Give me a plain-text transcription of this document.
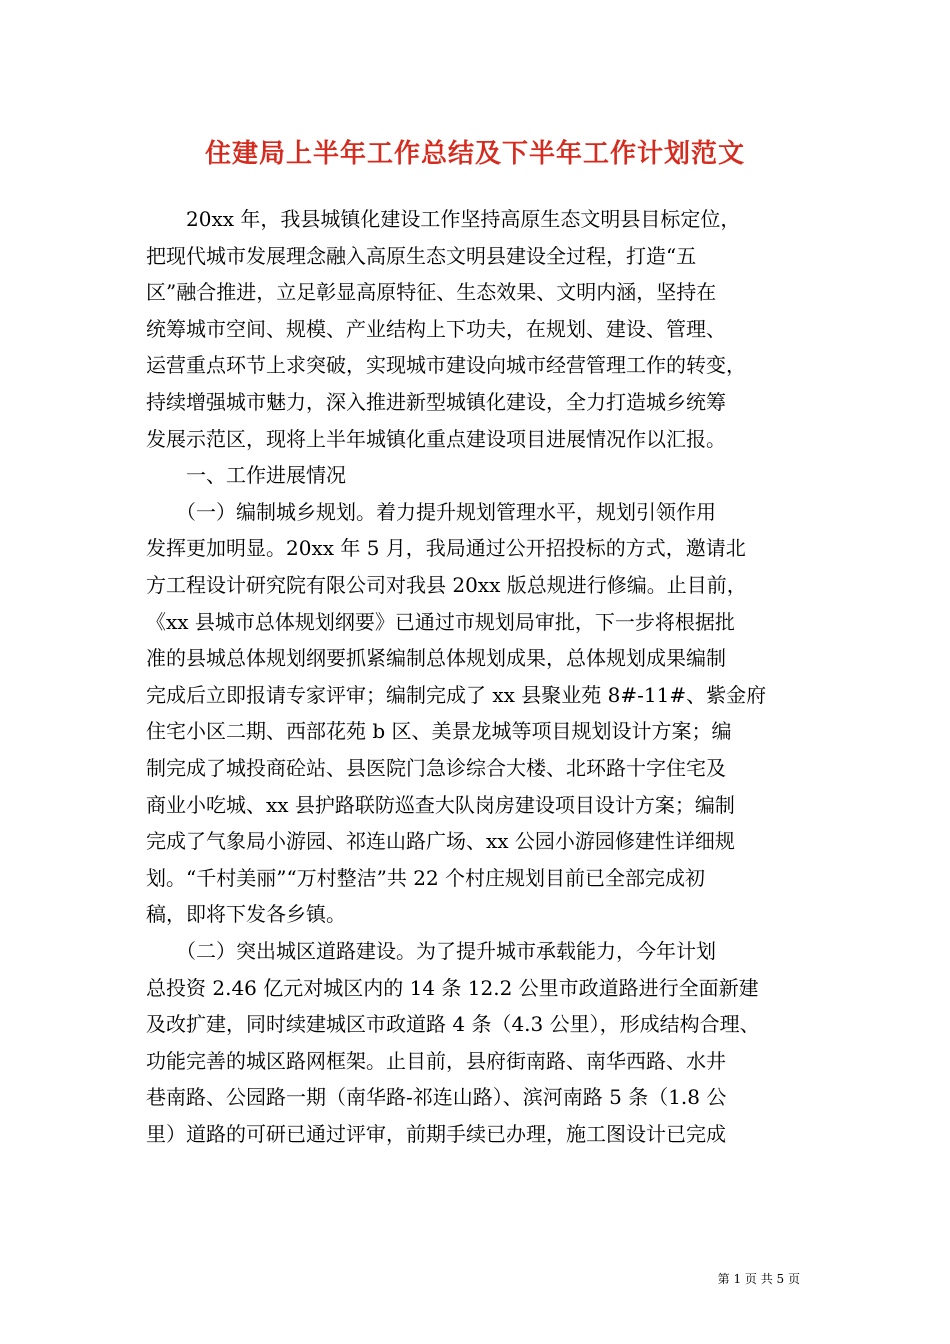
住建局上半年工作总结及下半年工作计划范文
　　20xx 年，我县城镇化建设工作坚持高原生态文明县目标定位，
把现代城市发展理念融入高原生态文明县建设全过程，打造“五
区”融合推进，立足彰显高原特征、生态效果、文明内涵，坚持在
统筹城市空间、规模、产业结构上下功夫，在规划、建设、管理、
运营重点环节上求突破，实现城市建设向城市经营管理工作的转变，
持续增强城市魅力，深入推进新型城镇化建设，全力打造城乡统筹
发展示范区，现将上半年城镇化重点建设项目进展情况作以汇报。
　　一、工作进展情况
　　（一）编制城乡规划。着力提升规划管理水平，规划引领作用
发挥更加明显。20xx 年 5 月，我局通过公开招投标的方式，邀请北
方工程设计研究院有限公司对我县 20xx 版总规进行修编。止目前，
《xx 县城市总体规划纲要》已通过市规划局审批，下一步将根据批
准的县城总体规划纲要抓紧编制总体规划成果，总体规划成果编制
完成后立即报请专家评审；编制完成了 xx 县聚业苑 8#-11#、紫金府
住宅小区二期、西部花苑 b 区、美景龙城等项目规划设计方案；编
制完成了城投商砼站、县医院门急诊综合大楼、北环路十字住宅及
商业小吃城、xx 县护路联防巡查大队岗房建设项目设计方案；编制
完成了气象局小游园、祁连山路广场、xx 公园小游园修建性详细规
划。“千村美丽”“万村整洁”共 22 个村庄规划目前已全部完成初
稿，即将下发各乡镇。
　　（二）突出城区道路建设。为了提升城市承载能力，今年计划
总投资 2.46 亿元对城区内的 14 条 12.2 公里市政道路进行全面新建
及改扩建，同时续建城区市政道路 4 条（4.3 公里），形成结构合理、
功能完善的城区路网框架。止目前，县府街南路、南华西路、水井
巷南路、公园路一期（南华路-祁连山路）、滨河南路 5 条（1.8 公
里）道路的可研已通过评审，前期手续已办理，施工图设计已完成
第 1 页 共 5 页
